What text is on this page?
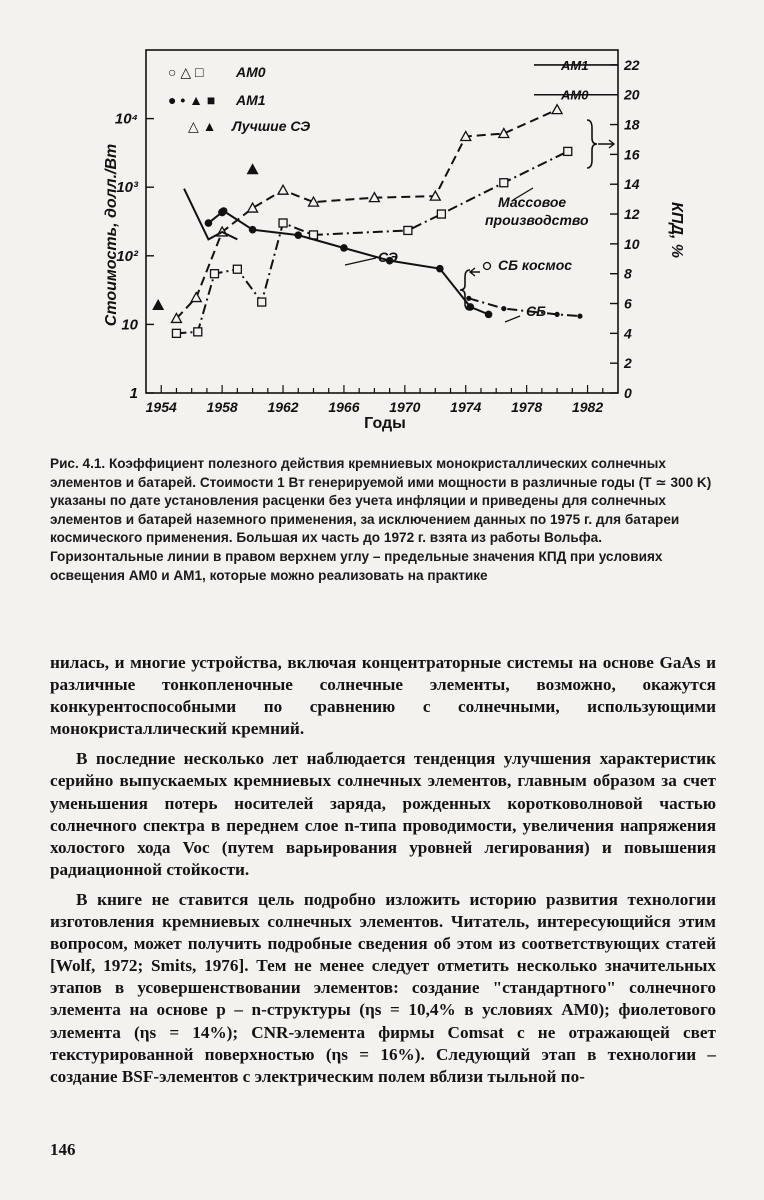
1
10
10²
10³
10⁴
0
2
4
6
8
10
12
14
16
18
20
22
1954 1958 1962 1966 1970 1974 1978 1982
AM1
AM0
Годы
Стоимость, долл./Вт	КПД, %
○ △ □ AM0
● • ▲ ■ AM1
△ ▲ Лучшие СЭ
Массовое
производство
СЭ	СБ космос
СБ
Рис. 4.1. Коэффициент полезного действия кремниевых монокристаллических солнечных элементов и батарей. Стоимости 1 Вт генерируемой ими мощности в различные годы (T ≃ 300 K) указаны по дате установления расценки без учета инфляции и приведены для солнечных элементов и батарей наземного применения, за исключением данных по 1975 г. для батареи космического применения. Большая их часть до 1972 г. взята из работы Вольфа. Горизонтальные линии в правом верхнем углу – предельные значения КПД при условиях освещения AM0 и AM1, которые можно реализовать на практике

нилась, и многие устройства, включая концентраторные системы на основе GaAs и различные тонкопленочные солнечные элементы, возможно, окажутся конкурентоспособными по сравнению с солнечными, использующими монокристаллический кремний.

В последние несколько лет наблюдается тенденция улучшения характеристик серийно выпускаемых кремниевых солнечных элементов, главным образом за счет уменьшения потерь носителей заряда, рожденных коротковолновой частью солнечного спектра в переднем слое n-типа проводимости, увеличения напряжения холостого хода Voc (путем варьирования уровней легирования) и повышения радиационной стойкости.

В книге не ставится цель подробно изложить историю развития технологии изготовления кремниевых солнечных элементов. Читатель, интересующийся этим вопросом, может получить подробные сведения об этом из соответствующих статей [Wolf, 1972; Smits, 1976]. Тем не менее следует отметить несколько значительных этапов в усовершенствовании элементов: создание "стандартного" солнечного элемента на основе p – n-структуры (ηs = 10,4% в условиях AM0); фиолетового элемента (ηs = 14%); CNR-элемента фирмы Comsat с не отражающей свет текстурированной поверхностью (ηs = 16%). Следующий этап в технологии – создание BSF-элементов с электрическим полем вблизи тыльной по-

146
